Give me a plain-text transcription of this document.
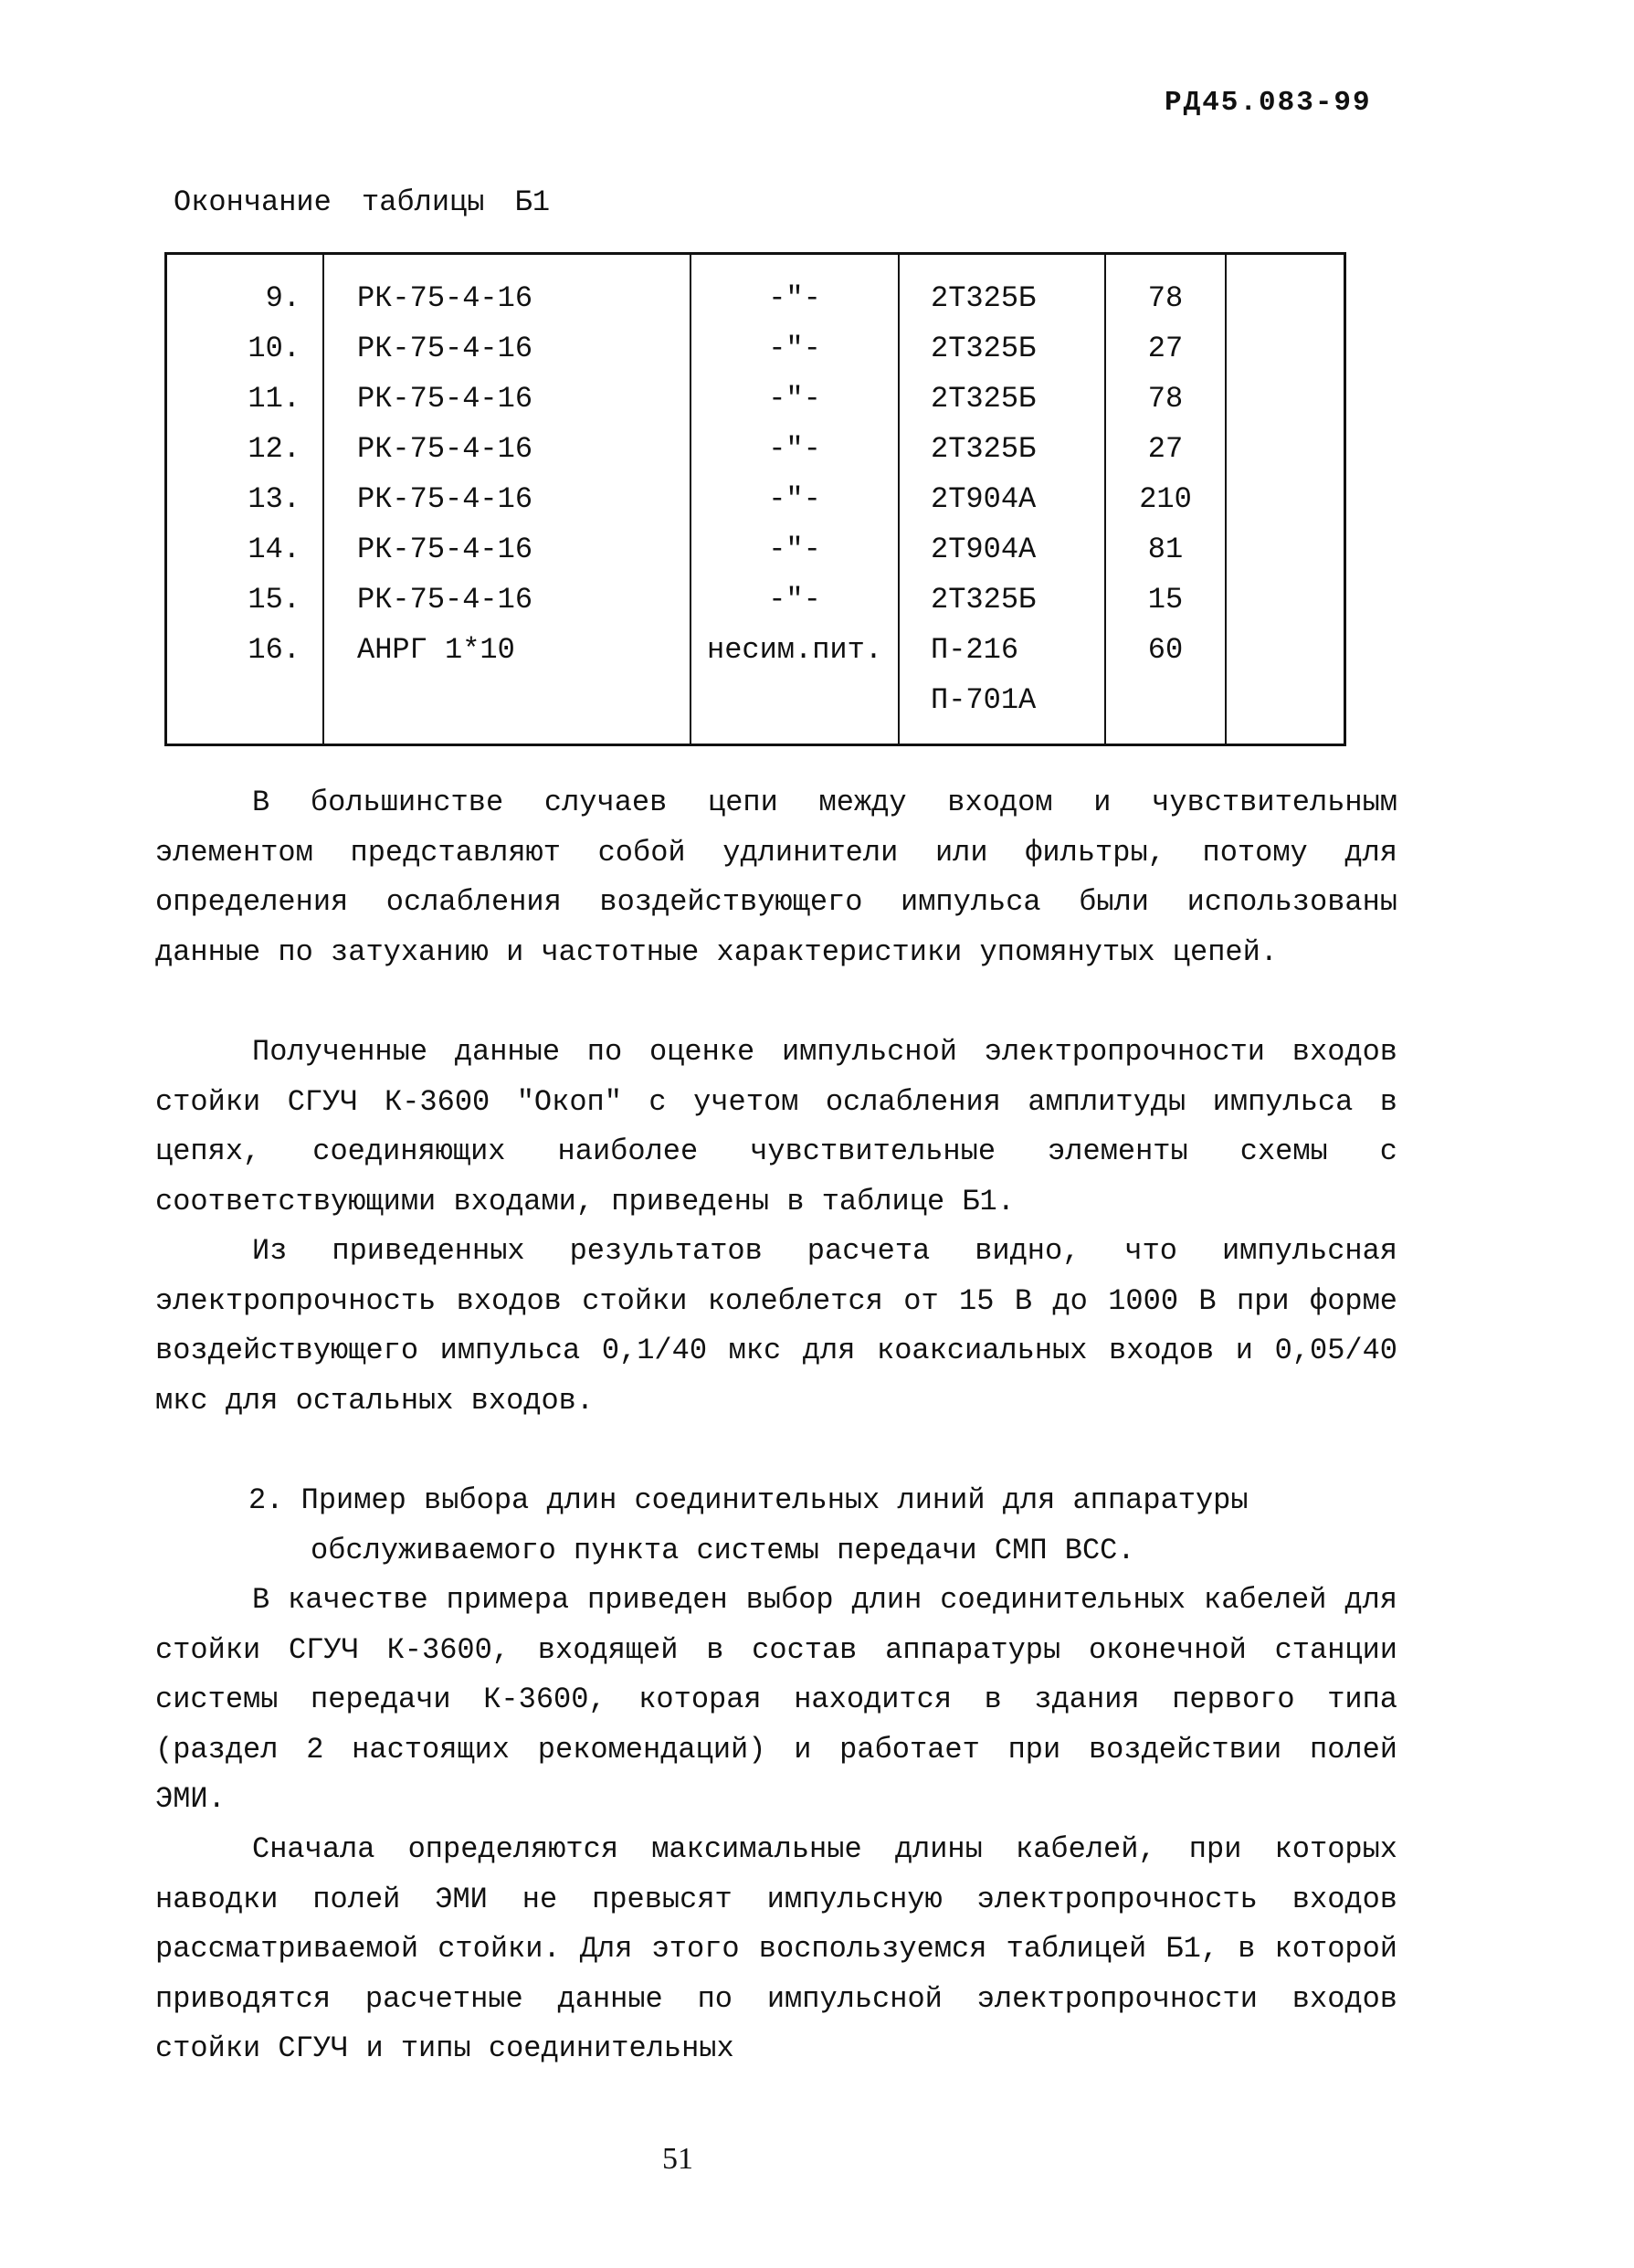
РД45.083-99
Окончание таблицы Б1
9.	РК-75-4-16	-"-	2Т325Б	78	
10.	РК-75-4-16	-"-	2Т325Б	27	
11.	РК-75-4-16	-"-	2Т325Б	78	
12.	РК-75-4-16	-"-	2Т325Б	27	
13.	РК-75-4-16	-"-	2Т904А	210	
14.	РК-75-4-16	-"-	2Т904А	81	
15.	РК-75-4-16	-"-	2Т325Б	15	
16.	АНРГ 1*10	несим.пит.	П-216	60	
			П-701А		
В большинстве случаев цепи между входом и чувствительным элементом представляют собой удлинители или фильтры, потому для определения ослабления воздействующего импульса были использованы данные по затуханию и частотные характеристики упомянутых цепей.
Полученные данные по оценке импульсной электропрочности входов стойки СГУЧ К-3600 "Окоп" с учетом ослабления амплитуды импульса в цепях, соединяющих наиболее чувствительные элементы схемы с соответствующими входами, приведены в таблице Б1.
Из приведенных результатов расчета видно, что импульсная электропрочность входов стойки колеблется от 15 В до 1000 В при форме воздействующего импульса 0,1/40 мкс для коаксиальных входов и 0,05/40 мкс для остальных входов.
2. Пример выбора длин соединительных линий для аппаратуры
обслуживаемого пункта системы передачи СМП ВСС.
В качестве примера приведен выбор длин соединительных кабелей для стойки СГУЧ К-3600, входящей в состав аппаратуры оконечной станции системы передачи К-3600, которая находится в здания первого типа (раздел 2 настоящих рекомендаций) и работает при воздействии полей ЭМИ.
Сначала определяются максимальные длины кабелей, при которых наводки полей ЭМИ не превысят импульсную электропрочность входов рассматриваемой стойки. Для этого воспользуемся таблицей Б1, в которой приводятся расчетные данные по импульсной электропрочности входов стойки СГУЧ и типы соединительных
51
